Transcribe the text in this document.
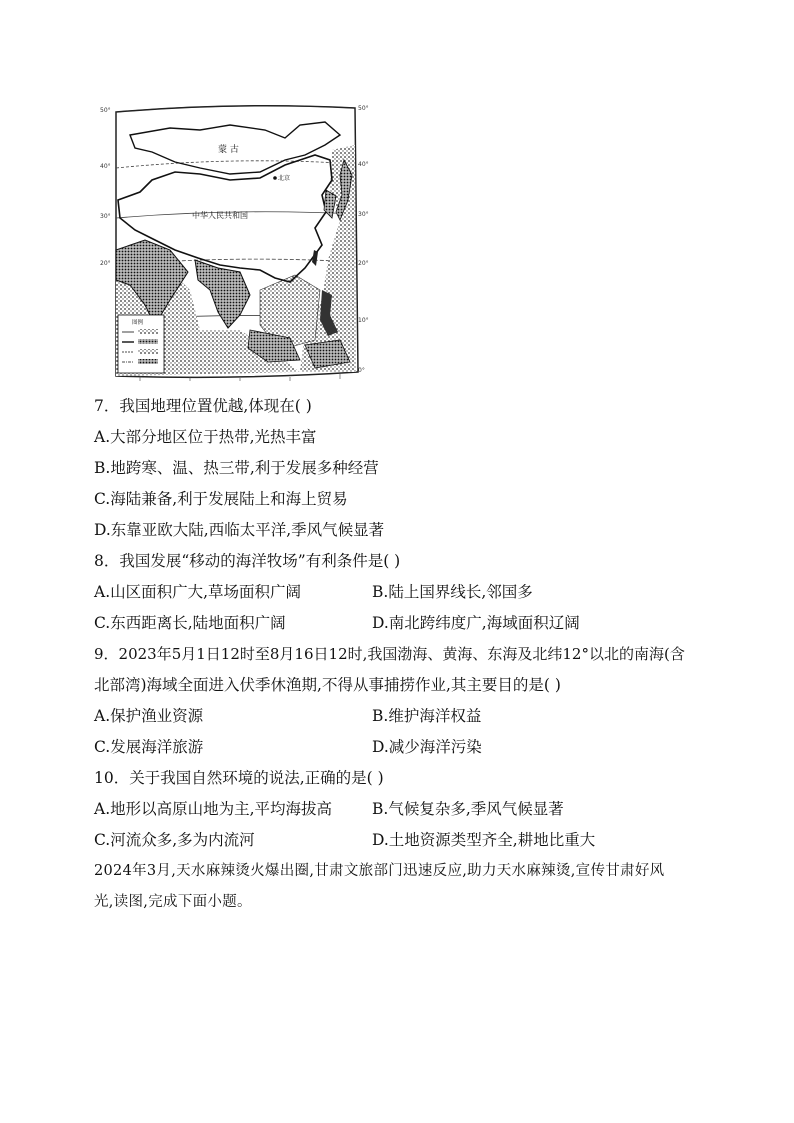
蒙 古
北京
中华人民共和国
50°
40°
30°
20°
50°
40°
30°
20°
10°
0°
图例
7．我国地理位置优越,体现在( )
A.大部分地区位于热带,光热丰富
B.地跨寒、温、热三带,利于发展多种经营
C.海陆兼备,利于发展陆上和海上贸易
D.东靠亚欧大陆,西临太平洋,季风气候显著
8．我国发展“移动的海洋牧场”有利条件是( )
A.山区面积广大,草场面积广阔	B.陆上国界线长,邻国多
C.东西距离长,陆地面积广阔	D.南北跨纬度广,海域面积辽阔
9．2023年5月1日12时至8月16日12时,我国渤海、黄海、东海及北纬12°以北的南海(含
北部湾)海域全面进入伏季休渔期,不得从事捕捞作业,其主要目的是( )
A.保护渔业资源	B.维护海洋权益
C.发展海洋旅游	D.减少海洋污染
10．关于我国自然环境的说法,正确的是( )
A.地形以高原山地为主,平均海拔高	B.气候复杂多,季风气候显著
C.河流众多,多为内流河	D.土地资源类型齐全,耕地比重大
2024年3月,天水麻辣烫火爆出圈,甘肃文旅部门迅速反应,助力天水麻辣烫,宣传甘肃好风
光,读图,完成下面小题。
